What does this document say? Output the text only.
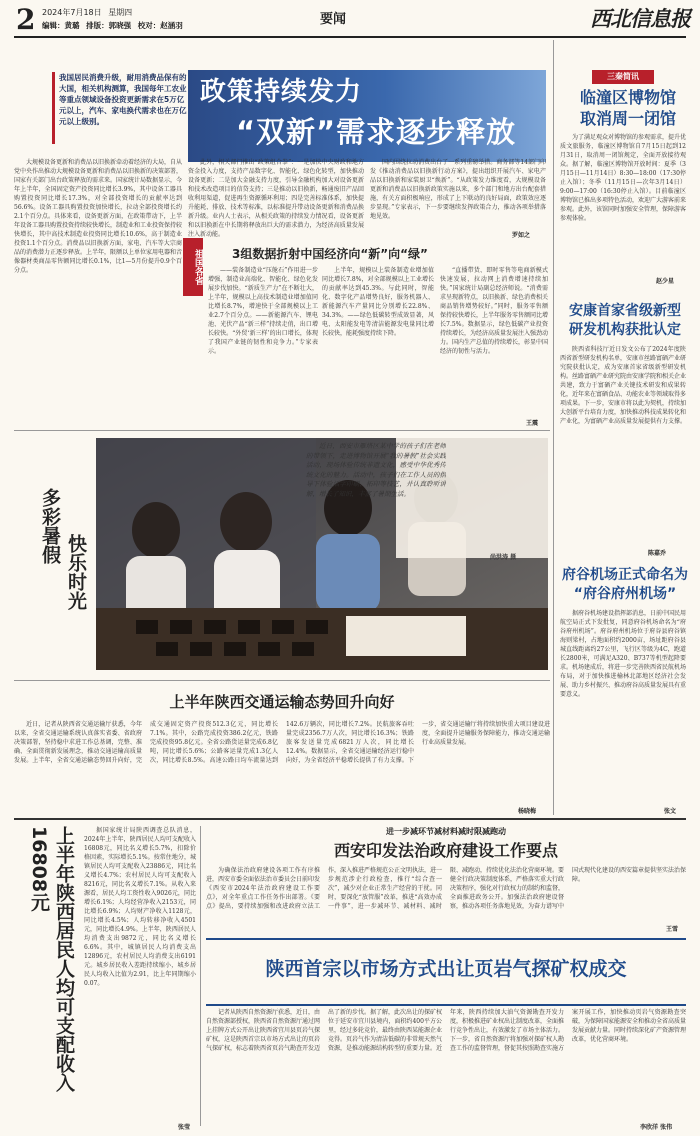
2 2024年7月18日 星期四
编辑：黄璐 排版：郭晓强 校对：赵涵羽	要闻	西北信息报
我国居民消费升级，耐用消费品保有的大国，相关机构测算，我国每年工农业等重点领域设备投资更新需求在5万亿元以上，汽车、家电换代需求也在万亿元以上级别。
政策持续发力
“双新”需求逐步释放

大规模设备更新和消费品以旧换新牵动着经济的大局，自从党中央作出推动大规模设备更新和消费品以旧换新的决策部署，国家有关部门出台政策释放的需求来。国家统计局数据显示，今年上半年，全国固定资产投资同比增长3.9%，其中设备工器具购置投资同比增长17.3%，对全部投资增长的贡献率达到56.6%。设备工器具购置投资加快增长，拉动全部投资增长约2.1个百分点。具体来看，设备更新方面，在政策带动下，上半年设备工器具购置投资持续较快增长，制造业和工业投资保持较快增长，其中高技术制造业投资同比增长10.6%，高于制造业投资1.1个百分点。消费品以旧换新方面，家电、汽车等大宗商品的消费潜力正逐步释放。上半年，限额以上单位家用电器和音像器材类商品零售额同比增长0.1%，比1—5月份提升0.9个百分点。

此外，相关部门推出“政策组合拳”：一是加快中央财政和地方资金投入力度，支持产品数字化、智能化、绿色化转型，加快推动设备更新；二是加大金融支持力度，引导金融机构加大对设备更新和技术改造项目的信贷支持；三是推动以旧换新，畅通废旧产品回收利用渠道，促进再生资源循环利用；四是完善标准体系，加快提升能耗、排放、技术等标准，以标准提升带动设备更新和消费品换新升级。业内人士表示，从相关政策的持续发力情况看，设备更新和以旧换新在中长期将释放出巨大的需求潜力，为经济高质量发展注入新动能。

国内围绕拉动消费出台了一系列重磅举措。商务部等14部门印发《推动消费品以旧换新行动方案》，提出组织开展汽车、家电产品以旧换新和家装厨卫“焕新”。“从政策发力维度看，大规模设备更新和消费品以旧换新政策实施以来，多个部门和地方出台配套措施，有关方面积极响应，形成了上下联动的良好局面，政策效应逐步显现。”专家表示，下一步要继续发挥政策合力，推动各项举措落地见效。

罗如之
三秦简讯
临潼区博物馆
取消周一闭馆

为了满足观众对博物馆的参观需求，提升优质文旅服务，临潼区博物馆自7月15日起到12月31日，取消周一闭馆规定，全面开放接待观众。据了解，临潼区博物馆开放时间：夏季（3月15日—11月14日）8:30—18:00（17:30停止入馆）；冬季（11月15日—次年3月14日）9:00—17:00（16:30停止入馆）。目前临潼区博物馆已推出多项特色活动，欢迎广大游客前来参观。此外，该馆同时加强安全管理，保障游客参观体验。

赵少星
安康首家省级新型
研发机构获批认定

陕西省科技厅近日发文公布了2024年度陕西省新型研发机构名单，安康市丝路富硒产业研究院获批认定，成为安康首家省级新型研发机构。丝路富硒产业研究院由安康学院和相关企业共建，致力于富硒产业关键技术研发和成果转化，近年来在富硒食品、功能农业等领域取得多项成果。下一步，安康市将以此为契机，持续加大创新平台培育力度，加快推动科技成果转化和产业化，为富硒产业高质量发展提供有力支撑。

陈嘉乔
府谷机场正式命名为
“府谷府州机场”

据府谷机场建设指挥部消息，日前中国民用航空局正式下发批复，同意府谷机场命名为“府谷府州机场”。府谷府州机场位于府谷县府谷镇海则梁村，占地面积约2000亩，场址距府谷县城直线距离约27公里，飞行区等级为4C，跑道长2800米，可满足A320、B737等机型起降要求。机场建成后，将进一步完善陕西省民航机场布局，对于加快推进榆林北部地区经济社会发展、助力乡村振兴、推动府谷高质量发展具有重要意义。

张文
祖国各省 3组数据折射中国经济向“新”向“绿”

——装备制造业“压舱石”作用进一步增强，制造业高端化、智能化、绿色化发展步伐加快。“新质生产力”在不断壮大，上半年，规模以上高技术制造业增加值同比增长8.7%，增速快于全部规模以上工业2.7个百分点。——新能源汽车、锂电池、光伏产品“新三样”持续走俏，出口增长较快。“外贸‘新三样’的出口增长，体现了我国产业链的韧性和竞争力。”专家表示。

上半年，规模以上装备制造业增加值同比增长7.8%，对全部规模以上工业增长的贡献率达到45.3%。与此同时，智能化、数字化产品增势良好，服务机器人、新能源汽车产量同比分别增长22.8%、34.3%。——绿色低碳转型成效显著，风电、太阳能发电等清洁能源发电量同比增长较快，能耗强度持续下降。

“直播带货、即时零售等电商新模式快速发展，拉动网上消费增速持续加快。”国家统计局副总经济师说。“消费需求呈现新特点，以旧换新、绿色消费相关商品销售增势较好。”同时，服务零售额保持较快增长，上半年服务零售额同比增长7.5%。数据显示，绿色低碳产业投资持续增长，为经济高质量发展注入强劲动力。国内生产总值的持续增长，彰显中国经济的韧性与活力。

王震
多彩暑假
快乐时光

近日，西安市雁塔区某中学的孩子们在老师的带领下，走进博物馆开展“我的暑假”社会实践活动，现场体验传统非遗文化，感受中华优秀传统文化的魅力。活动中，孩子们在工作人员的指导下体验活字印刷、拓印等技艺，并认真聆听讲解，增长了知识，丰富了暑期生活。

尚洪涛 摄
上半年陕西交通运输态势回升向好

近日，记者从陕西省交通运输厅获悉，今年以来，全省交通运输系统认真落实省委、省政府决策部署，坚持稳中求进工作总基调，完整、准确、全面贯彻新发展理念，推动交通运输高质量发展。上半年，全省交通运输态势回升向好，完成交通固定资产投资512.3亿元，同比增长7.1%。其中，公路完成投资386.2亿元，铁路完成投资95.8亿元。全省公路货运量完成6.8亿吨，同比增长5.6%；公路客运量完成1.3亿人次，同比增长8.5%。高速公路日均车流量达到142.6万辆次，同比增长7.2%。民航旅客吞吐量完成2356.7万人次，同比增长16.3%；铁路旅客发送量完成6821万人次，同比增长12.4%。数据显示，全省交通运输经济运行稳中向好，为全省经济平稳增长提供了有力支撑。下一步，省交通运输厅将持续加快重大项目建设进度，全面提升运输服务保障能力，推动交通运输行业高质量发展。

杨晓梅
上半年陕西居民人均可支配收入16808元	据国家统计局陕西调查总队消息，2024年上半年，陕西居民人均可支配收入16808元，同比名义增长5.7%，扣除价格因素，实际增长5.1%。按常住地分，城镇居民人均可支配收入23886元，同比名义增长4.7%；农村居民人均可支配收入8216元，同比名义增长7.1%。从收入来源看，居民人均工资性收入9026元，同比增长6.1%；人均经营净收入2153元，同比增长6.9%；人均财产净收入1128元，同比增长4.5%；人均转移净收入4501元，同比增长4.9%。上半年，陕西居民人均消费支出9872元，同比名义增长6.6%。其中，城镇居民人均消费支出12896元，农村居民人均消费支出6191元。城乡居民收入差距持续缩小，城乡居民人均收入比值为2.91，比上年同期缩小0.07。

张莹
进一步减环节减材料减时限减跑动
西安印发法治政府建设工作要点

为确保法治政府建设各项工作有序推进，西安市委全面依法治市委员会日前印发《西安市2024年法治政府建设工作要点》，对全年重点工作任务作出部署。《要点》提出，要持续加强和改进政府立法工作，深入推进严格规范公正文明执法，进一步规范涉企行政检查，推行“综合查一次”，减少对企业正常生产经营的干扰。同时，要深化“放管服”改革，推进“高效办成一件事”，进一步减环节、减材料、减时限、减跑动，持续优化法治化营商环境。要健全行政决策制度体系，严格落实重大行政决策程序，强化对行政权力的制约和监督，全面推进政务公开。加强法治政府建设督察，推动各项任务落地见效，为奋力谱写中国式现代化建设的西安篇章提供坚实法治保障。

王雪
陕西首宗以市场方式出让页岩气探矿权成交

记者从陕西自然资源厅获悉，近日，由自然资源部授权，陕西省自然资源厅通过网上挂牌方式公开出让陕西省宜川县页岩气探矿权，这是陕西首宗以市场方式出让的页岩气探矿权，标志着陕西省页岩气勘查开发迈出了新的步伐。据了解，此次出让的探矿权位于延安市宜川县境内，面积约400平方公里，经过多轮竞价，最终由陕西某能源企业竞得。页岩气作为清洁低碳的非常规天然气资源，是推动能源结构转型的重要力量。近年来，陕西持续加大油气资源勘查开发力度，积极推进矿业权出让制度改革，全面推行竞争性出让，有效激发了市场主体活力。下一步，省自然资源厅将加强对探矿权人勘查工作的监督管理，督促其按照勘查实施方案开展工作，加快推动页岩气资源勘查突破，为保障国家能源安全和推动全省高质量发展贡献力量。同时持续深化矿产资源管理改革，优化营商环境。

李欣洋 张伟
